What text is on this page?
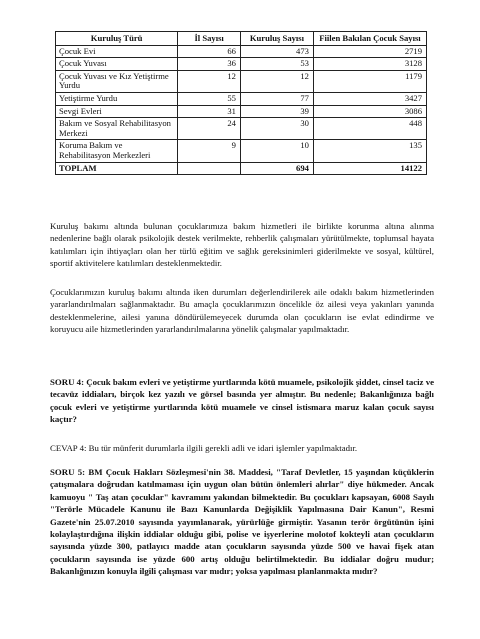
Kuruluş Türü	İl Sayısı	Kuruluş Sayısı	Fiilen Bakılan Çocuk Sayısı
Çocuk Evi	66	473	2719
Çocuk Yuvası	36	53	3128
Çocuk Yuvası ve Kız Yetiştirme Yurdu	12	12	1179
Yetiştirme Yurdu	55	77	3427
Sevgi Evleri	31	39	3086
Bakım ve Sosyal Rehabilitasyon Merkezi	24	30	448
Koruma Bakım ve Rehabilitasyon Merkezleri	9	10	135
TOPLAM		694	14122

Kuruluş bakımı altında bulunan çocuklarımıza bakım hizmetleri ile birlikte korunma altına alınma nedenlerine bağlı olarak psikolojik destek verilmekte, rehberlik çalışmaları yürütülmekte, toplumsal hayata katılımları için ihtiyaçları olan her türlü eğitim ve sağlık gereksinimleri giderilmekte ve sosyal, kültürel, sportif aktivitelere katılımları desteklenmektedir.

Çocuklarımızın kuruluş bakımı altında iken durumları değerlendirilerek aile odaklı bakım hizmetlerinden yararlandırılmaları sağlanmaktadır. Bu amaçla çocuklarımızın öncelikle öz ailesi veya yakınları yanında desteklenmelerine, ailesi yanına döndürülemeyecek durumda olan çocukların ise evlat edindirme ve koruyucu aile hizmetlerinden yararlandırılmalarına yönelik çalışmalar yapılmaktadır.

SORU 4: Çocuk bakım evleri ve yetiştirme yurtlarında kötü muamele, psikolojik şiddet, cinsel taciz ve tecavüz iddiaları, birçok kez yazılı ve görsel basında yer almıştır. Bu nedenle; Bakanlığınıza bağlı çocuk evleri ve yetiştirme yurtlarında kötü muamele ve cinsel istismara maruz kalan çocuk sayısı kaçtır?

CEVAP 4: Bu tür münferit durumlarla ilgili gerekli adli ve idari işlemler yapılmaktadır.

SORU 5: BM Çocuk Hakları Sözleşmesi'nin 38. Maddesi, "Taraf Devletler, 15 yaşından küçüklerin çatışmalara doğrudan katılmaması için uygun olan bütün önlemleri alırlar" diye hükmeder. Ancak kamuoyu " Taş atan çocuklar" kavramını yakından bilmektedir. Bu çocukları kapsayan, 6008 Sayılı "Terörle Mücadele Kanunu ile Bazı Kanunlarda Değişiklik Yapılmasına Dair Kanun", Resmi Gazete'nin 25.07.2010 sayısında yayımlanarak, yürürlüğe girmiştir. Yasanın terör örgütünün işini kolaylaştırdığına ilişkin iddialar olduğu gibi, polise ve işyerlerine molotof kokteyli atan çocukların sayısında yüzde 300, patlayıcı madde atan çocukların sayısında yüzde 500 ve havai fişek atan çocukların sayısında ise yüzde 600 artış olduğu belirtilmektedir. Bu iddialar doğru mudur; Bakanlığınızın konuyla ilgili çalışması var mıdır; yoksa yapılması planlanmakta mıdır?
